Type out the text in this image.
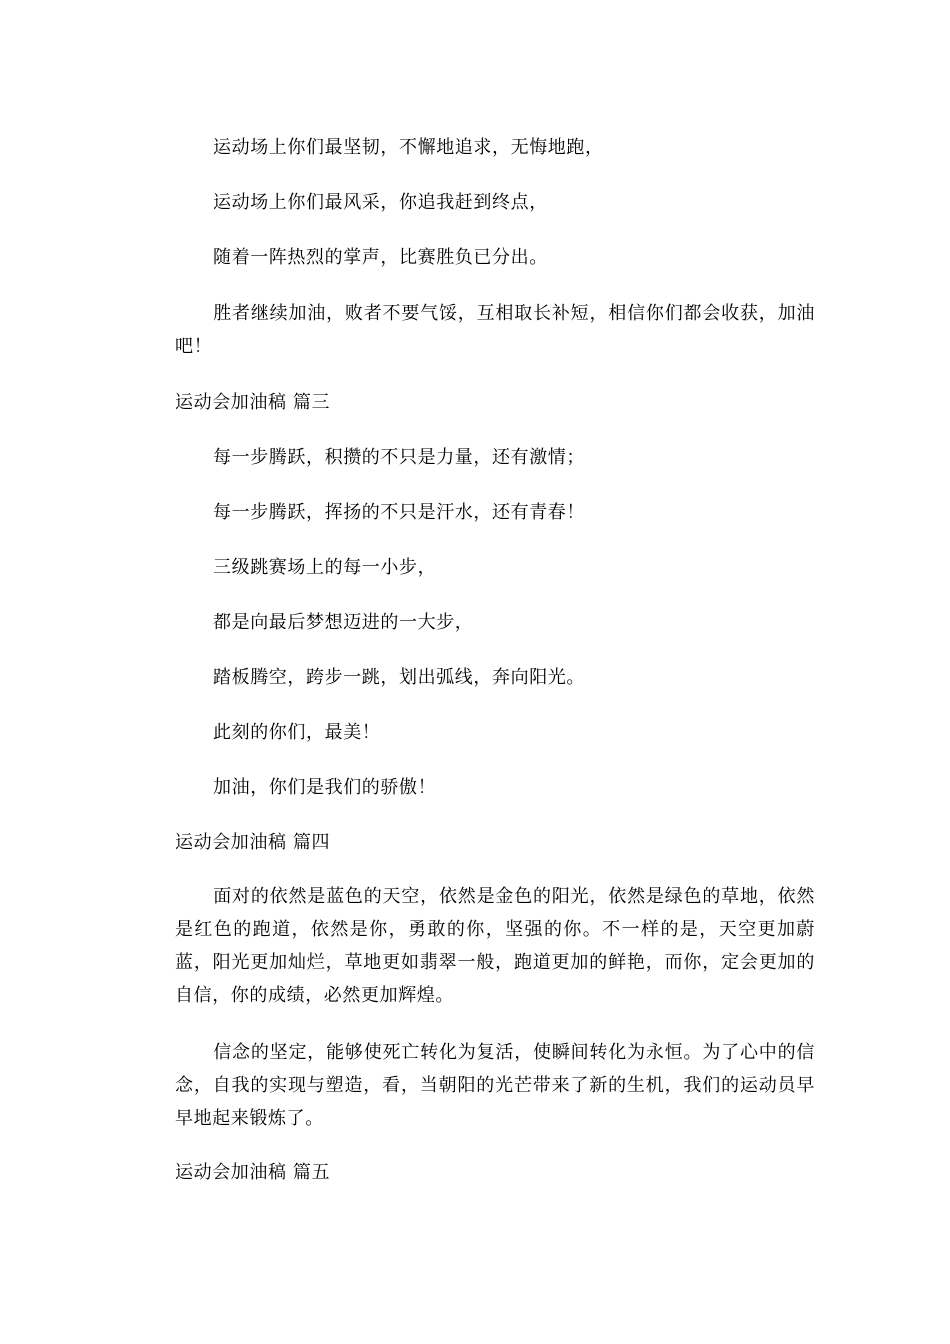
运动场上你们最坚韧，不懈地追求，无悔地跑，
运动场上你们最风采，你追我赶到终点，
随着一阵热烈的掌声，比赛胜负已分出。
胜者继续加油，败者不要气馁，互相取长补短，相信你们都会收获，加油吧！
运动会加油稿 篇三
每一步腾跃，积攒的不只是力量，还有激情；
每一步腾跃，挥扬的不只是汗水，还有青春！
三级跳赛场上的每一小步，
都是向最后梦想迈进的一大步，
踏板腾空，跨步一跳，划出弧线，奔向阳光。
此刻的你们，最美！
加油，你们是我们的骄傲！
运动会加油稿 篇四
面对的依然是蓝色的天空，依然是金色的阳光，依然是绿色的草地，依然是红色的跑道，依然是你，勇敢的你，坚强的你。不一样的是，天空更加蔚蓝，阳光更加灿烂，草地更如翡翠一般，跑道更加的鲜艳，而你，定会更加的自信，你的成绩，必然更加辉煌。
信念的坚定，能够使死亡转化为复活，使瞬间转化为永恒。为了心中的信念，自我的实现与塑造，看，当朝阳的光芒带来了新的生机，我们的运动员早早地起来锻炼了。
运动会加油稿 篇五
